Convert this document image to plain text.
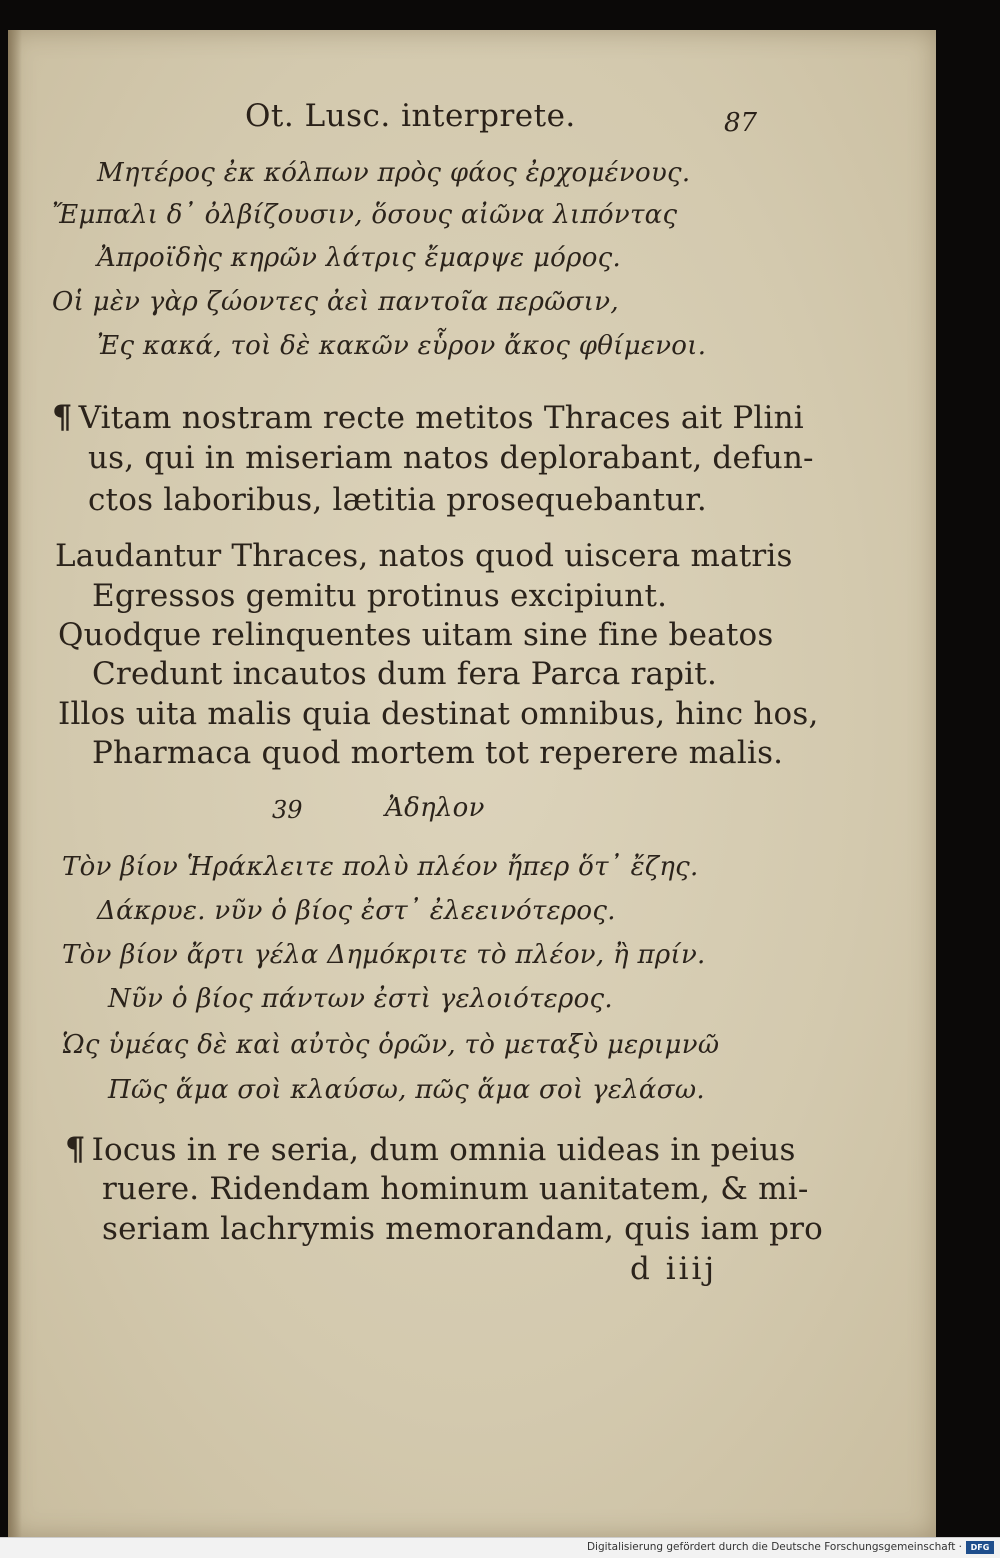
Ot. Lusc. interprete.	87
Μητέρος ἐκ κόλπων πρὸς φάος ἐρχομένους.
Ἔμπαλι δ᾽ ὀλβίζουσιν, ὅσους αἰῶνα λιπόντας
Ἀπροϊδὴς κηρῶν λάτρις ἔμαρψε μόρος.
Οἱ μὲν γὰρ ζώοντες ἀεὶ παντοῖα περῶσιν,
Ἐς κακά, τοὶ δὲ κακῶν εὗρον ἄκος φθίμενοι.
¶ Vitam nostram recte metitos Thraces ait Plini
us, qui in miseriam natos deplorabant, defun-
ctos laboribus, lætitia prosequebantur.
Laudantur Thraces, natos quod uiscera matris
Egressos gemitu protinus excipiunt.
Quodque relinquentes uitam sine fine beatos
Credunt incautos dum fera Parca rapit.
Illos uita malis quia destinat omnibus, hinc hos,
Pharmaca quod mortem tot reperere malis.
39	Ἀδηλον
Τὸν βίον Ἡράκλειτε πολὺ πλέον ἤπερ ὅτ᾽ ἔζης.
Δάκρυε. νῦν ὁ βίος ἐστ᾽ ἐλεεινότερος.
Τὸν βίον ἄρτι γέλα Δημόκριτε τὸ πλέον, ἢ πρίν.
Νῦν ὁ βίος πάντων ἐστὶ γελοιότερος.
Ὡς ὑμέας δὲ καὶ αὐτὸς ὁρῶν, τὸ μεταξὺ μεριμνῶ
Πῶς ἅμα σοὶ κλαύσω, πῶς ἅμα σοὶ γελάσω.
¶ Iocus in re seria, dum omnia uideas in peius
ruere. Ridendam hominum uanitatem, & mi-
seriam lachrymis memorandam, quis iam pro
d iiij
Digitalisierung gefördert durch die Deutsche Forschungsgemeinschaft ·	DFG
